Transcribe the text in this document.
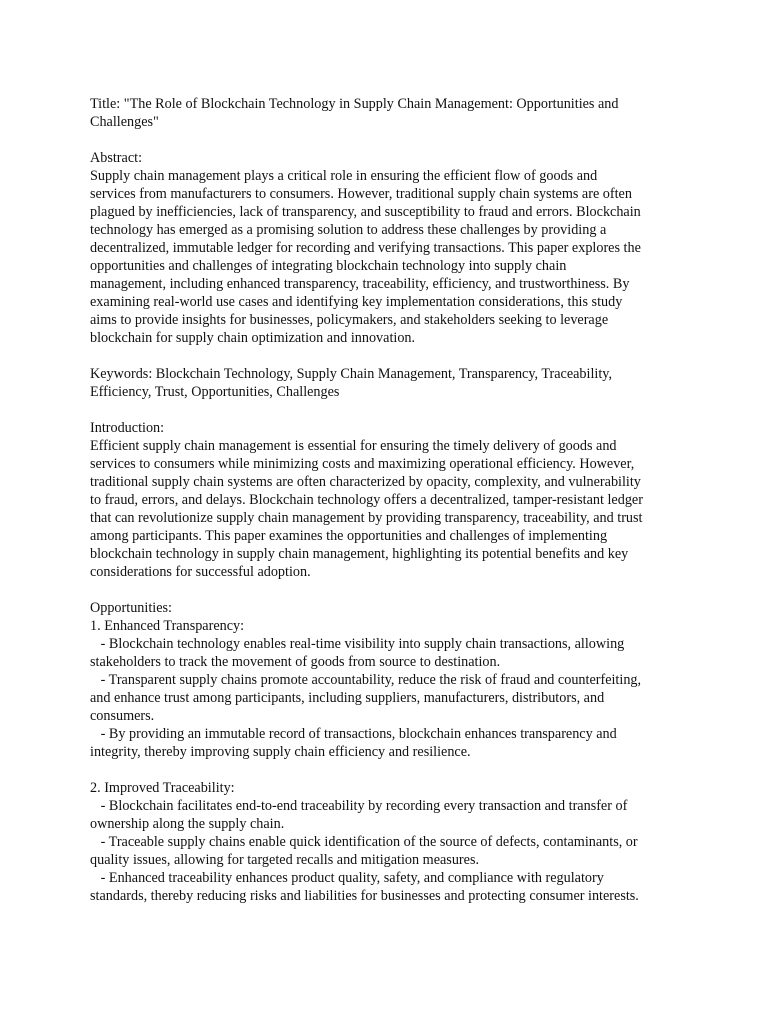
Title: "The Role of Blockchain Technology in Supply Chain Management: Opportunities and
Challenges"
Abstract:
Supply chain management plays a critical role in ensuring the efficient flow of goods and
services from manufacturers to consumers. However, traditional supply chain systems are often
plagued by inefficiencies, lack of transparency, and susceptibility to fraud and errors. Blockchain
technology has emerged as a promising solution to address these challenges by providing a
decentralized, immutable ledger for recording and verifying transactions. This paper explores the
opportunities and challenges of integrating blockchain technology into supply chain
management, including enhanced transparency, traceability, efficiency, and trustworthiness. By
examining real-world use cases and identifying key implementation considerations, this study
aims to provide insights for businesses, policymakers, and stakeholders seeking to leverage
blockchain for supply chain optimization and innovation.
Keywords: Blockchain Technology, Supply Chain Management, Transparency, Traceability,
Efficiency, Trust, Opportunities, Challenges
Introduction:
Efficient supply chain management is essential for ensuring the timely delivery of goods and
services to consumers while minimizing costs and maximizing operational efficiency. However,
traditional supply chain systems are often characterized by opacity, complexity, and vulnerability
to fraud, errors, and delays. Blockchain technology offers a decentralized, tamper-resistant ledger
that can revolutionize supply chain management by providing transparency, traceability, and trust
among participants. This paper examines the opportunities and challenges of implementing
blockchain technology in supply chain management, highlighting its potential benefits and key
considerations for successful adoption.
Opportunities:
1. Enhanced Transparency:
- Blockchain technology enables real-time visibility into supply chain transactions, allowing
stakeholders to track the movement of goods from source to destination.
- Transparent supply chains promote accountability, reduce the risk of fraud and counterfeiting,
and enhance trust among participants, including suppliers, manufacturers, distributors, and
consumers.
- By providing an immutable record of transactions, blockchain enhances transparency and
integrity, thereby improving supply chain efficiency and resilience.
2. Improved Traceability:
- Blockchain facilitates end-to-end traceability by recording every transaction and transfer of
ownership along the supply chain.
- Traceable supply chains enable quick identification of the source of defects, contaminants, or
quality issues, allowing for targeted recalls and mitigation measures.
- Enhanced traceability enhances product quality, safety, and compliance with regulatory
standards, thereby reducing risks and liabilities for businesses and protecting consumer interests.
